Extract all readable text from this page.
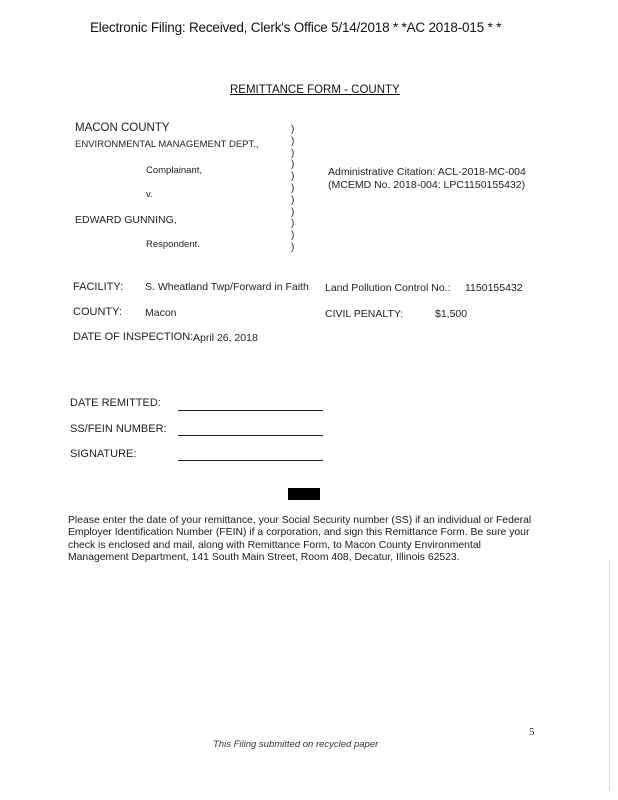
Electronic Filing: Received, Clerk's Office 5/14/2018 * *AC 2018-015 * *
REMITTANCE FORM - COUNTY
MACON COUNTY
ENVIRONMENTAL MANAGEMENT DEPT.,
Complainant,
v.
EDWARD GUNNING,
Respondent.
)
)
)
)
)
)
)
)
)
)
)
Administrative Citation: ACL-2018-MC-004
(MCEMD No. 2018-004: LPC1150155432)
FACILITY: S. Wheatland Twp/Forward in Faith Land Pollution Control No.: 1150155432
COUNTY: Macon	CIVIL PENALTY:	$1,500
DATE OF INSPECTION: April 26, 2018
DATE REMITTED:
SS/FEIN NUMBER:
SIGNATURE:
Please enter the date of your remittance, your Social Security number (SS) if an individual or Federal Employer Identification Number (FEIN) if a corporation, and sign this Remittance Form. Be sure your check is enclosed and mail, along with Remittance Form, to Macon County Environmental Management Department, 141 South Main Street, Room 408, Decatur, Illinois 62523.
5
This Filing submitted on recycled paper
